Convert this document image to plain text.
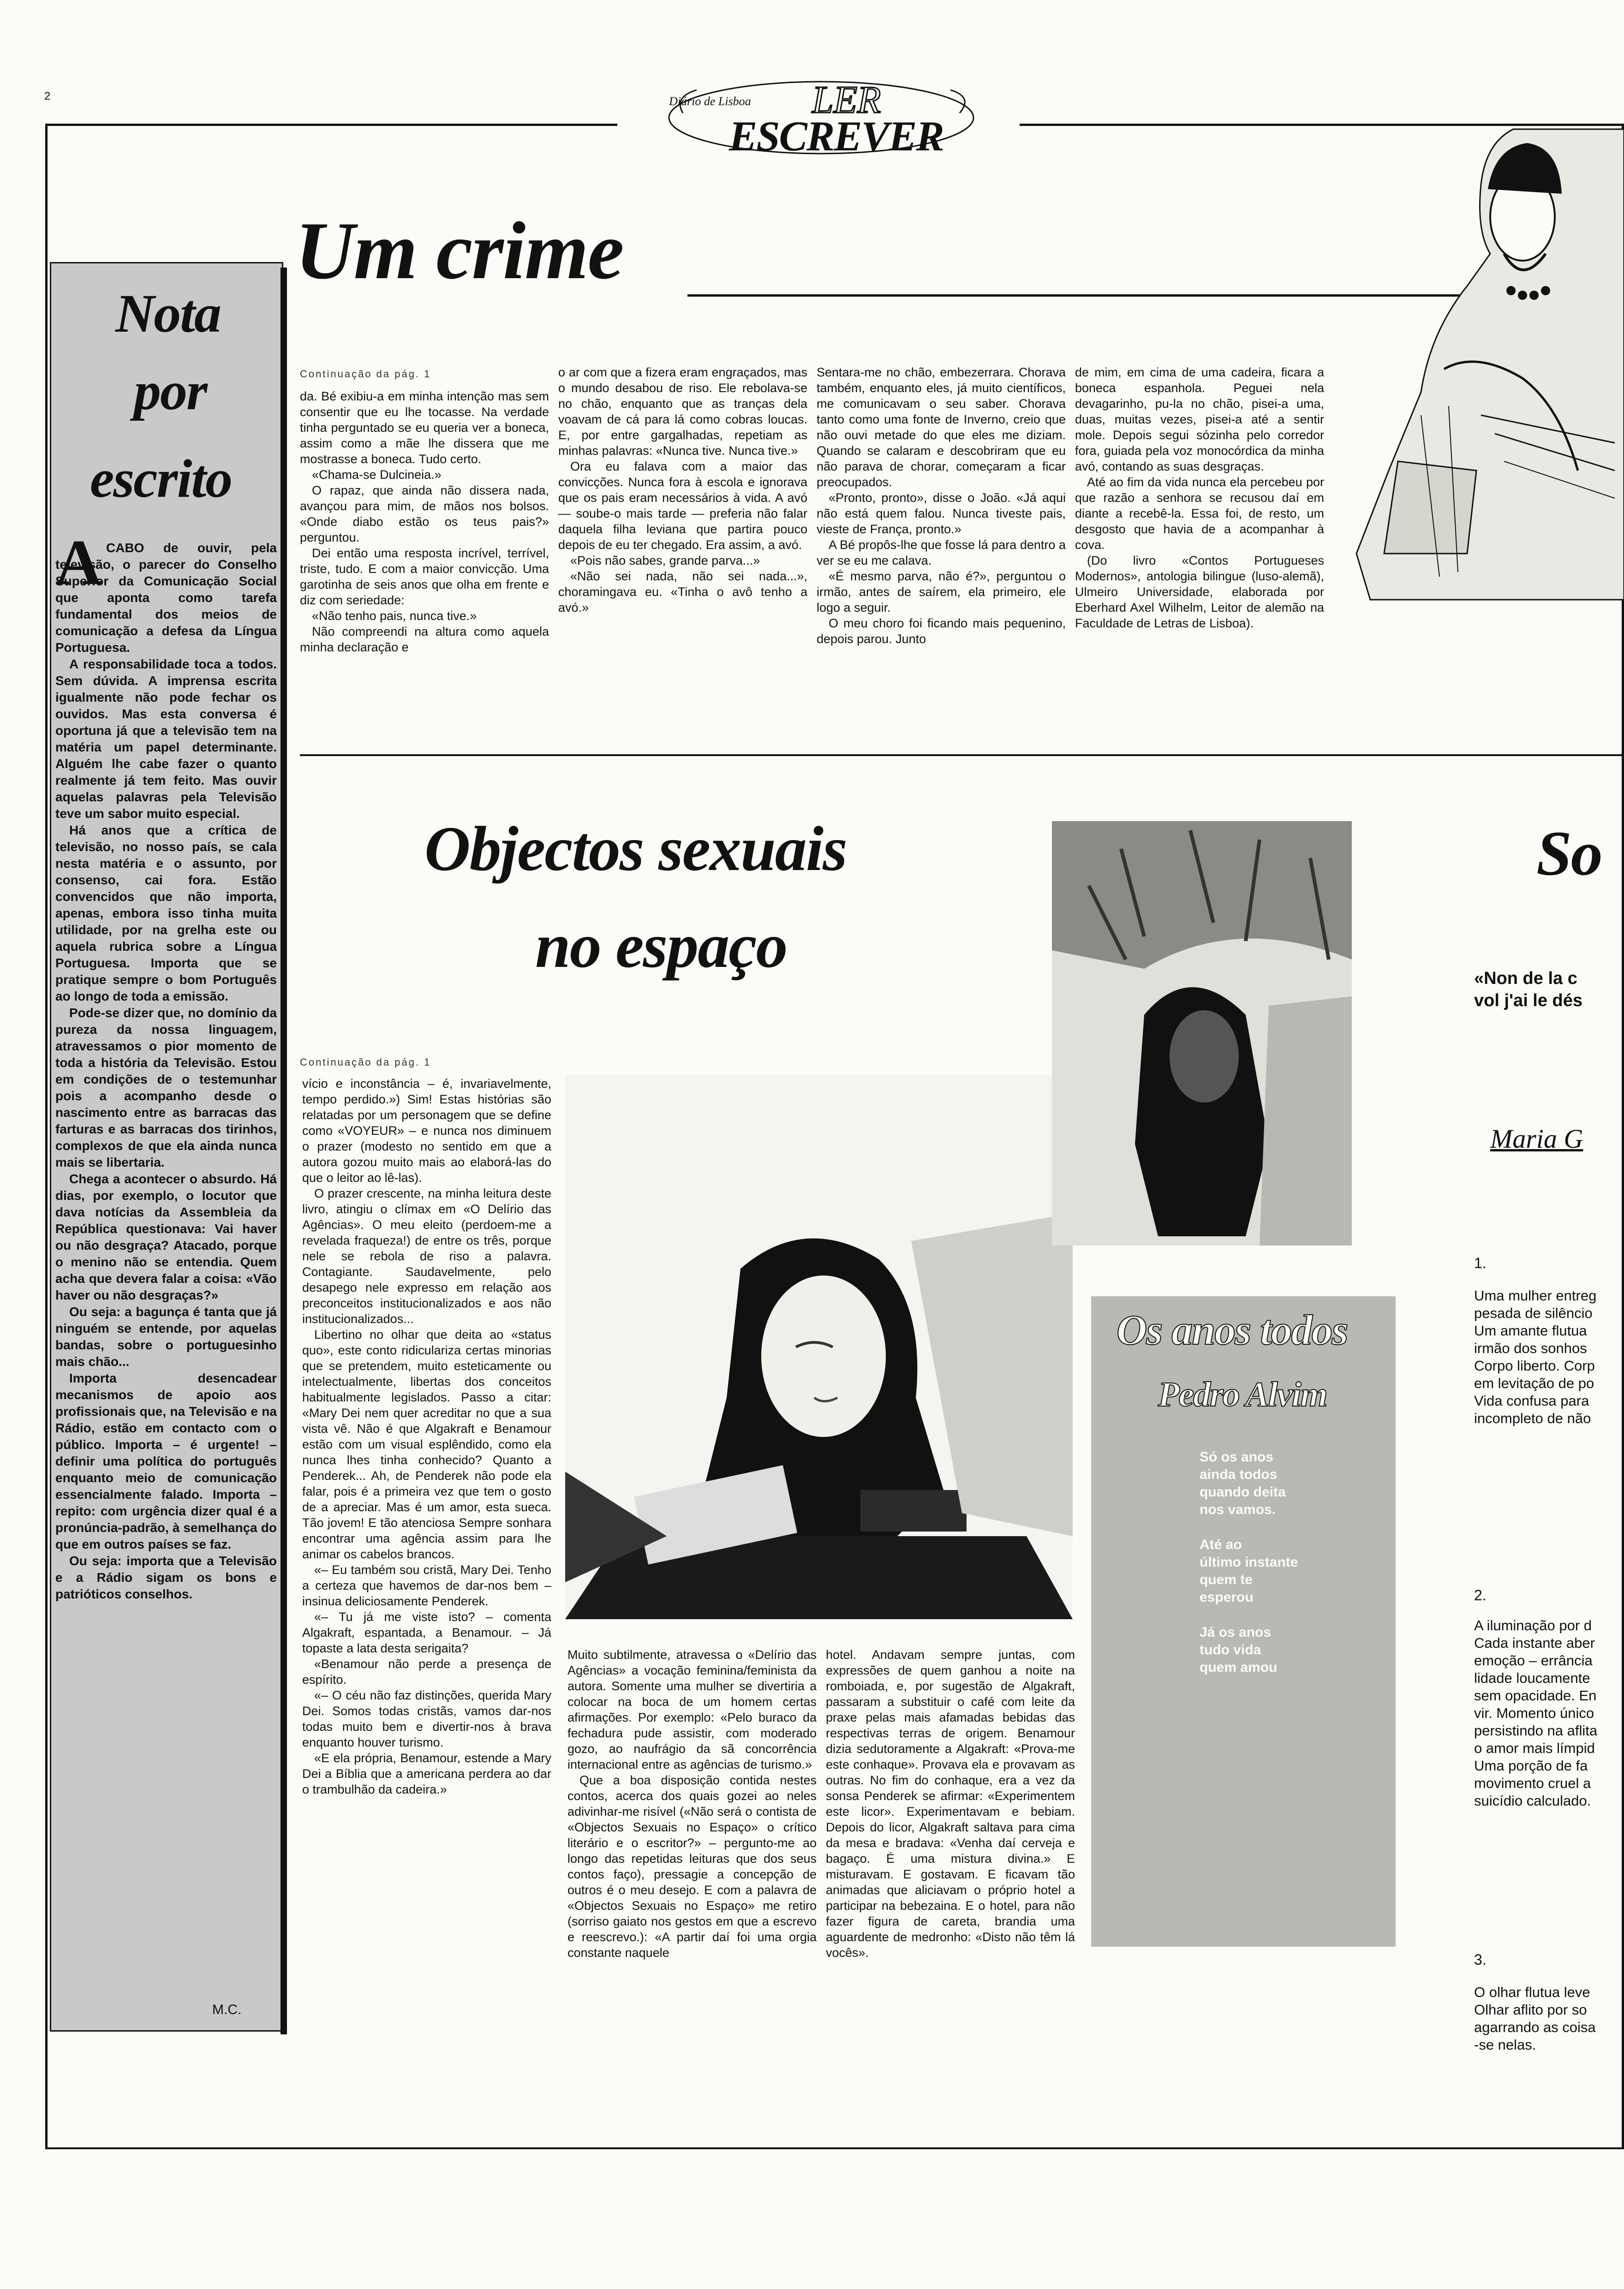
2	Diário de Lisboa LER
ESCREVER
Nota
por
escrito
A CABO de ouvir, pela televisão, o parecer do Conselho Superior da Comunicação Social que aponta como tarefa fundamental dos meios de comunicação a defesa da Língua Portuguesa.

A responsabilidade toca a todos. Sem dúvida. A imprensa escrita igualmente não pode fechar os ouvidos. Mas esta conversa é oportuna já que a televisão tem na matéria um papel determinante. Alguém lhe cabe fazer o quanto realmente já tem feito. Mas ouvir aquelas palavras pela Televisão teve um sabor muito especial.

Há anos que a crítica de televisão, no nosso país, se cala nesta matéria e o assunto, por consenso, cai fora. Estão convencidos que não importa, apenas, embora isso tinha muita utilidade, por na grelha este ou aquela rubrica sobre a Língua Portuguesa. Importa que se pratique sempre o bom Português ao longo de toda a emissão.

Pode-se dizer que, no domínio da pureza da nossa linguagem, atravessamos o pior momento de toda a história da Televisão. Estou em condições de o testemunhar pois a acompanho desde o nascimento entre as barracas das farturas e as barracas dos tirinhos, complexos de que ela ainda nunca mais se libertaria.

Chega a acontecer o absurdo. Há dias, por exemplo, o locutor que dava notícias da Assembleia da República questionava: Vai haver ou não desgraça? Atacado, porque o menino não se entendia. Quem acha que devera falar a coisa: «Vão haver ou não desgraças?»

Ou seja: a bagunça é tanta que já ninguém se entende, por aquelas bandas, sobre o portuguesinho mais chão...

Importa desencadear mecanismos de apoio aos profissionais que, na Televisão e na Rádio, estão em contacto com o público. Importa – é urgente! – definir uma política do português enquanto meio de comunicação essencialmente falado. Importa – repito: com urgência dizer qual é a pronúncia-padrão, à semelhança do que em outros países se faz.

Ou seja: importa que a Televisão e a Rádio sigam os bons e patrióticos conselhos.

M.C.
Um crime
Continuação da pág. 1

da. Bé exibiu-a em minha intenção mas sem consentir que eu lhe tocasse. Na verdade tinha perguntado se eu queria ver a boneca, assim como a mãe lhe dissera que me mostrasse a boneca. Tudo certo.

«Chama-se Dulcineia.»

O rapaz, que ainda não dissera nada, avançou para mim, de mãos nos bolsos. «Onde diabo estão os teus pais?» perguntou.

Dei então uma resposta incrível, terrível, triste, tudo. E com a maior convicção. Uma garotinha de seis anos que olha em frente e diz com seriedade:

«Não tenho pais, nunca tive.»

Não compreendi na altura como aquela minha declaração e

o ar com que a fizera eram engraçados, mas o mundo desabou de riso. Ele rebolava-se no chão, enquanto que as tranças dela voavam de cá para lá como cobras loucas. E, por entre gargalhadas, repetiam as minhas palavras: «Nunca tive. Nunca tive.»

Ora eu falava com a maior das convicções. Nunca fora à escola e ignorava que os pais eram necessários à vida. A avó — soube-o mais tarde — preferia não falar daquela filha leviana que partira pouco depois de eu ter chegado. Era assim, a avó.

«Pois não sabes, grande parva...»

«Não sei nada, não sei nada...», choramingava eu. «Tinha o avô tenho a avó.»

Sentara-me no chão, embezerrara. Chorava também, enquanto eles, já muito científicos, me comunicavam o seu saber. Chorava tanto como uma fonte de Inverno, creio que não ouvi metade do que eles me diziam. Quando se calaram e descobriram que eu não parava de chorar, começaram a ficar preocupados.

«Pronto, pronto», disse o João. «Já aqui não está quem falou. Nunca tiveste pais, vieste de França, pronto.»

A Bé propôs-lhe que fosse lá para dentro a ver se eu me calava.

«É mesmo parva, não é?», perguntou o irmão, antes de saírem, ela primeiro, ele logo a seguir.

O meu choro foi ficando mais pequenino, depois parou. Junto

de mim, em cima de uma cadeira, ficara a boneca espanhola. Peguei nela devagarinho, pu-la no chão, pisei-a uma, duas, muitas vezes, pisei-a até a sentir mole. Depois segui sózinha pelo corredor fora, guiada pela voz monocórdica da minha avó, contando as suas desgraças.

Até ao fim da vida nunca ela percebeu por que razão a senhora se recusou daí em diante a recebê-la. Essa foi, de resto, um desgosto que havia de a acompanhar à cova.

(Do livro «Contos Portugueses Modernos», antologia bilingue (luso-alemã), Ulmeiro Universidade, elaborada por Eberhard Axel Wilhelm, Leitor de alemão na Faculdade de Letras de Lisboa).

Objectos sexuais
no espaço
Continuação da pág. 1

vício e inconstância – é, invariavelmente, tempo perdido.») Sim! Estas histórias são relatadas por um personagem que se define como «VOYEUR» – e nunca nos diminuem o prazer (modesto no sentido em que a autora gozou muito mais ao elaborá-las do que o leitor ao lê-las).

O prazer crescente, na minha leitura deste livro, atingiu o clímax em «O Delírio das Agências». O meu eleito (perdoem-me a revelada fraqueza!) de entre os três, porque nele se rebola de riso a palavra. Contagiante. Saudavelmente, pelo desapego nele expresso em relação aos preconceitos institucionalizados e aos não institucionalizados...

Libertino no olhar que deita ao «status quo», este conto ridiculariza certas minorias que se pretendem, muito esteticamente ou intelectualmente, libertas dos conceitos habitualmente legislados. Passo a citar: «Mary Dei nem quer acreditar no que a sua vista vê. Não é que Algakraft e Benamour estão com um visual esplêndido, como ela nunca lhes tinha conhecido? Quanto a Penderek... Ah, de Penderek não pode ela falar, pois é a primeira vez que tem o gosto de a apreciar. Mas é um amor, esta sueca. Tão jovem! E tão atenciosa Sempre sonhara encontrar uma agência assim para lhe animar os cabelos brancos.

«– Eu também sou cristã, Mary Dei. Tenho a certeza que havemos de dar-nos bem – insinua deliciosamente Penderek.

«– Tu já me viste isto? – comenta Algakraft, espantada, a Benamour. – Já topaste a lata desta serigaita?

«Benamour não perde a presença de espírito.

«– O céu não faz distinções, querida Mary Dei. Somos todas cristãs, vamos dar-nos todas muito bem e divertir-nos à brava enquanto houver turismo.

«E ela própria, Benamour, estende a Mary Dei a Bíblia que a americana perdera ao dar o trambulhão da cadeira.»

Muito subtilmente, atravessa o «Delírio das Agências» a vocação feminina/feminista da autora. Somente uma mulher se divertiria a colocar na boca de um homem certas afirmações. Por exemplo: «Pelo buraco da fechadura pude assistir, com moderado gozo, ao naufrágio da sã concorrência internacional entre as agências de turismo.»

Que a boa disposição contida nestes contos, acerca dos quais gozei ao neles adivinhar-me risível («Não será o contista de «Objectos Sexuais no Espaço» o crítico literário e o escritor?» – pergunto-me ao longo das repetidas leituras que dos seus contos faço), pressagie a concepção de outros é o meu desejo. E com a palavra de «Objectos Sexuais no Espaço» me retiro (sorriso gaiato nos gestos em que a escrevo e reescrevo.): «A partir daí foi uma orgia constante naquele

hotel. Andavam sempre juntas, com expressões de quem ganhou a noite na romboiada, e, por sugestão de Algakraft, passaram a substituir o café com leite da praxe pelas mais afamadas bebidas das respectivas terras de origem. Benamour dizia sedutoramente a Algakraft: «Prova-me este conhaque». Provava ela e provavam as outras. No fim do conhaque, era a vez da sonsa Penderek se afirmar: «Experimentem este licor». Experimentavam e bebiam. Depois do licor, Algakraft saltava para cima da mesa e bradava: «Venha daí cerveja e bagaço. É uma mistura divina.» E misturavam. E gostavam. E ficavam tão animadas que aliciavam o próprio hotel a participar na bebezaina. E o hotel, para não fazer figura de careta, brandia uma aguardente de medronho: «Disto não têm lá vocês».

Os anos todos
Pedro Alvim

Só os anos

ainda todos

quando deita

nos vamos.

Até ao

último instante

quem te

esperou

Já os anos

tudo vida

quem amou

So
«Non de la c
vol j'ai le dés
Maria G
1.

Uma mulher entreg

pesada de silêncio

Um amante flutua

irmão dos sonhos

Corpo liberto. Corp

em levitação de po

Vida confusa para

incompleto de não

2.

A iluminação por d

Cada instante aber

emoção – errância

lidade loucamente

sem opacidade. En

vir. Momento único

persistindo na aflita

o amor mais límpid

Uma porção de fa

movimento cruel a

suicídio calculado.

3.

O olhar flutua leve

Olhar aflito por so

agarrando as coisa

-se nelas.
